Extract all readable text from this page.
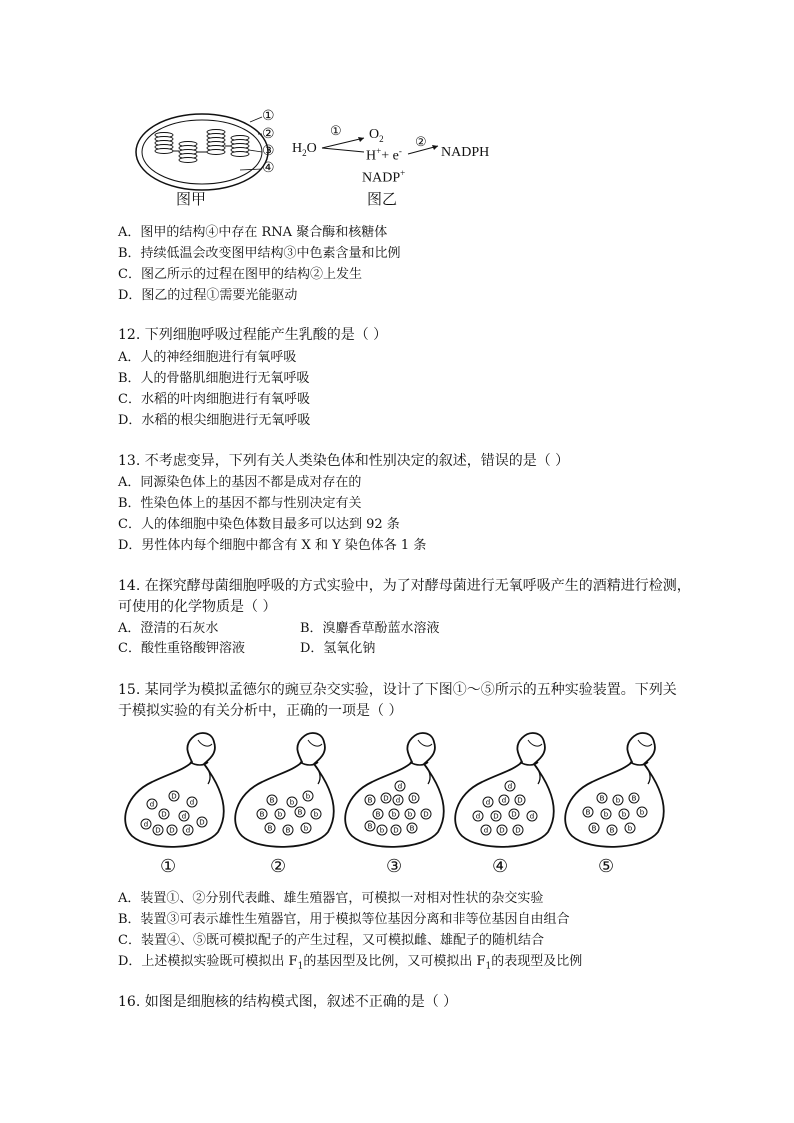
①
②
③
④
图甲
$H_2O$
① $O_2$
H++ e-
②
NADPH
NADP+
图乙
A．图甲的结构④中存在 RNA 聚合酶和核糖体
B．持续低温会改变图甲结构③中色素含量和比例
C．图乙所示的过程在图甲的结构②上发生
D．图乙的过程①需要光能驱动
12. 下列细胞呼吸过程能产生乳酸的是（ ）
A．人的神经细胞进行有氧呼吸
B．人的骨骼肌细胞进行无氧呼吸
C．水稻的叶肉细胞进行有氧呼吸
D．水稻的根尖细胞进行无氧呼吸
13. 不考虑变异，下列有关人类染色体和性别决定的叙述，错误的是（ ）
A．同源染色体上的基因不都是成对存在的
B．性染色体上的基因不都与性别决定有关
C．人的体细胞中染色体数目最多可以达到 92 条
D．男性体内每个细胞中都含有 X 和 Y 染色体各 1 条
14. 在探究酵母菌细胞呼吸的方式实验中，为了对酵母菌进行无氧呼吸产生的酒精进行检测，
可使用的化学物质是（ ）
A．澄清的石灰水	B．溴麝香草酚蓝水溶液
C．酸性重铬酸钾溶液	D．氢氧化钠
15. 某同学为模拟孟德尔的豌豆杂交实验，设计了下图①～⑤所示的五种实验装置。下列关
于模拟实验的有关分析中，正确的一项是（ ）
d
D
d
D d
d
D D d
D
B b
b
B b B b
B B b
d
B D d D
B b b D
B b D B
d
d d D
d D D d
d D D
B b B
B b b b
B B b
①	②	③	④	⑤
A．装置①、②分别代表雌、雄生殖器官，可模拟一对相对性状的杂交实验
B．装置③可表示雄性生殖器官，用于模拟等位基因分离和非等位基因自由组合
C．装置④、⑤既可模拟配子的产生过程，又可模拟雌、雄配子的随机结合
D．上述模拟实验既可模拟出 $F_1$的基因型及比例，又可模拟出 $F_1$的表现型及比例
16. 如图是细胞核的结构模式图，叙述不正确的是（ ）
